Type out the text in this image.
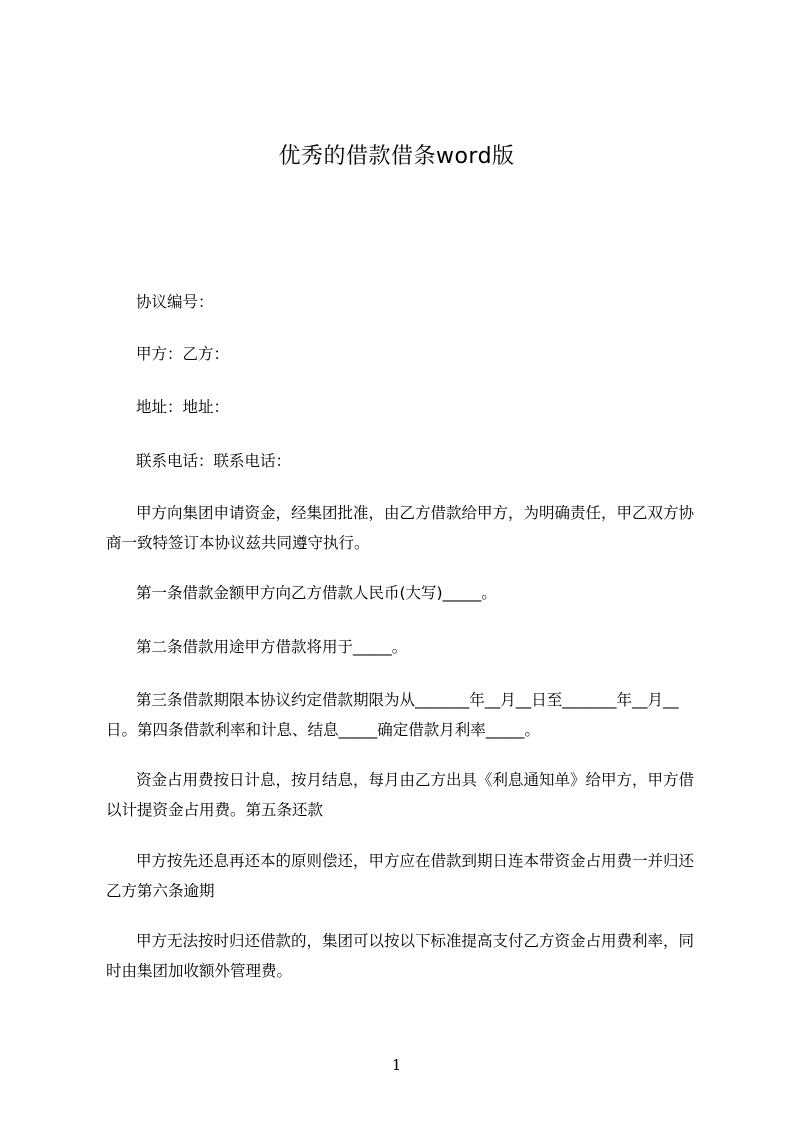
优秀的借款借条word版
协议编号：
甲方：乙方：
地址：地址：
联系电话：联系电话：
甲方向集团申请资金，经集团批准，由乙方借款给甲方，为明确责任，甲乙双方协商一致特签订本协议兹共同遵守执行。
第一条借款金额甲方向乙方借款人民币(大写)_____。
第二条借款用途甲方借款将用于_____。
第三条借款期限本协议约定借款期限为从_______年__月__日至_______年__月__日。第四条借款利率和计息、结息_____确定借款月利率_____。
资金占用费按日计息，按月结息，每月由乙方出具《利息通知单》给甲方，甲方借以计提资金占用费。第五条还款
甲方按先还息再还本的原则偿还，甲方应在借款到期日连本带资金占用费一并归还乙方第六条逾期
甲方无法按时归还借款的，集团可以按以下标准提高支付乙方资金占用费利率，同时由集团加收额外管理费。
1
